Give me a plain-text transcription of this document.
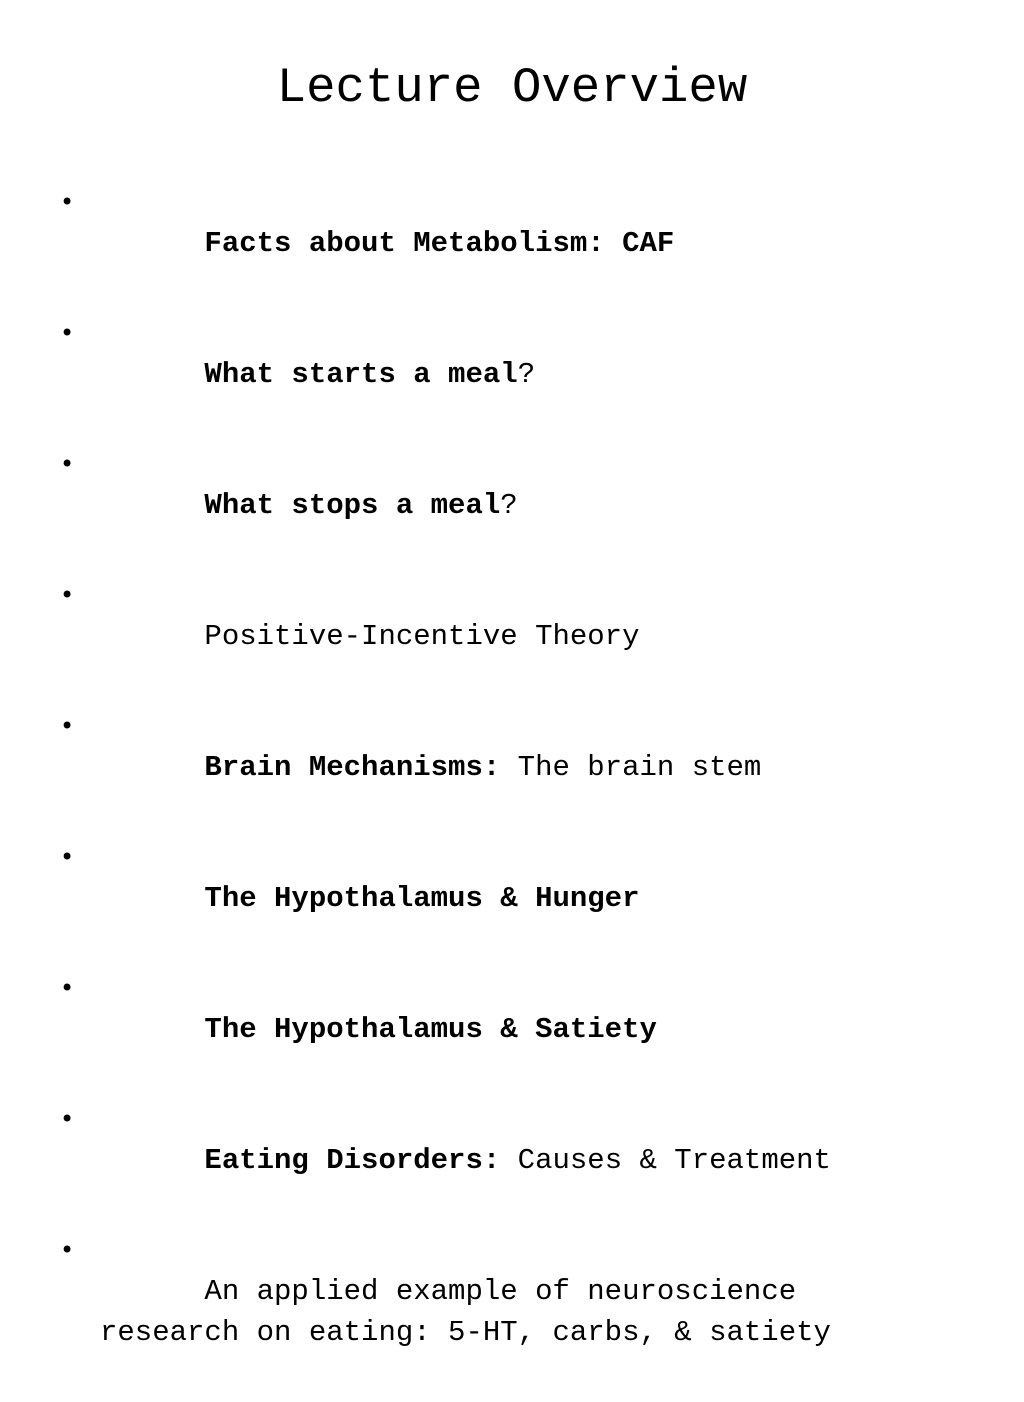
Lecture Overview

•
Facts about Metabolism: CAF

•
What starts a meal?

•
What stops a meal?

•
Positive-Incentive Theory

•
Brain Mechanisms: The brain stem

•
The Hypothalamus & Hunger

•
The Hypothalamus & Satiety

•
Eating Disorders: Causes & Treatment

•
An applied example of neuroscience
research on eating: 5-HT, carbs, & satiety
